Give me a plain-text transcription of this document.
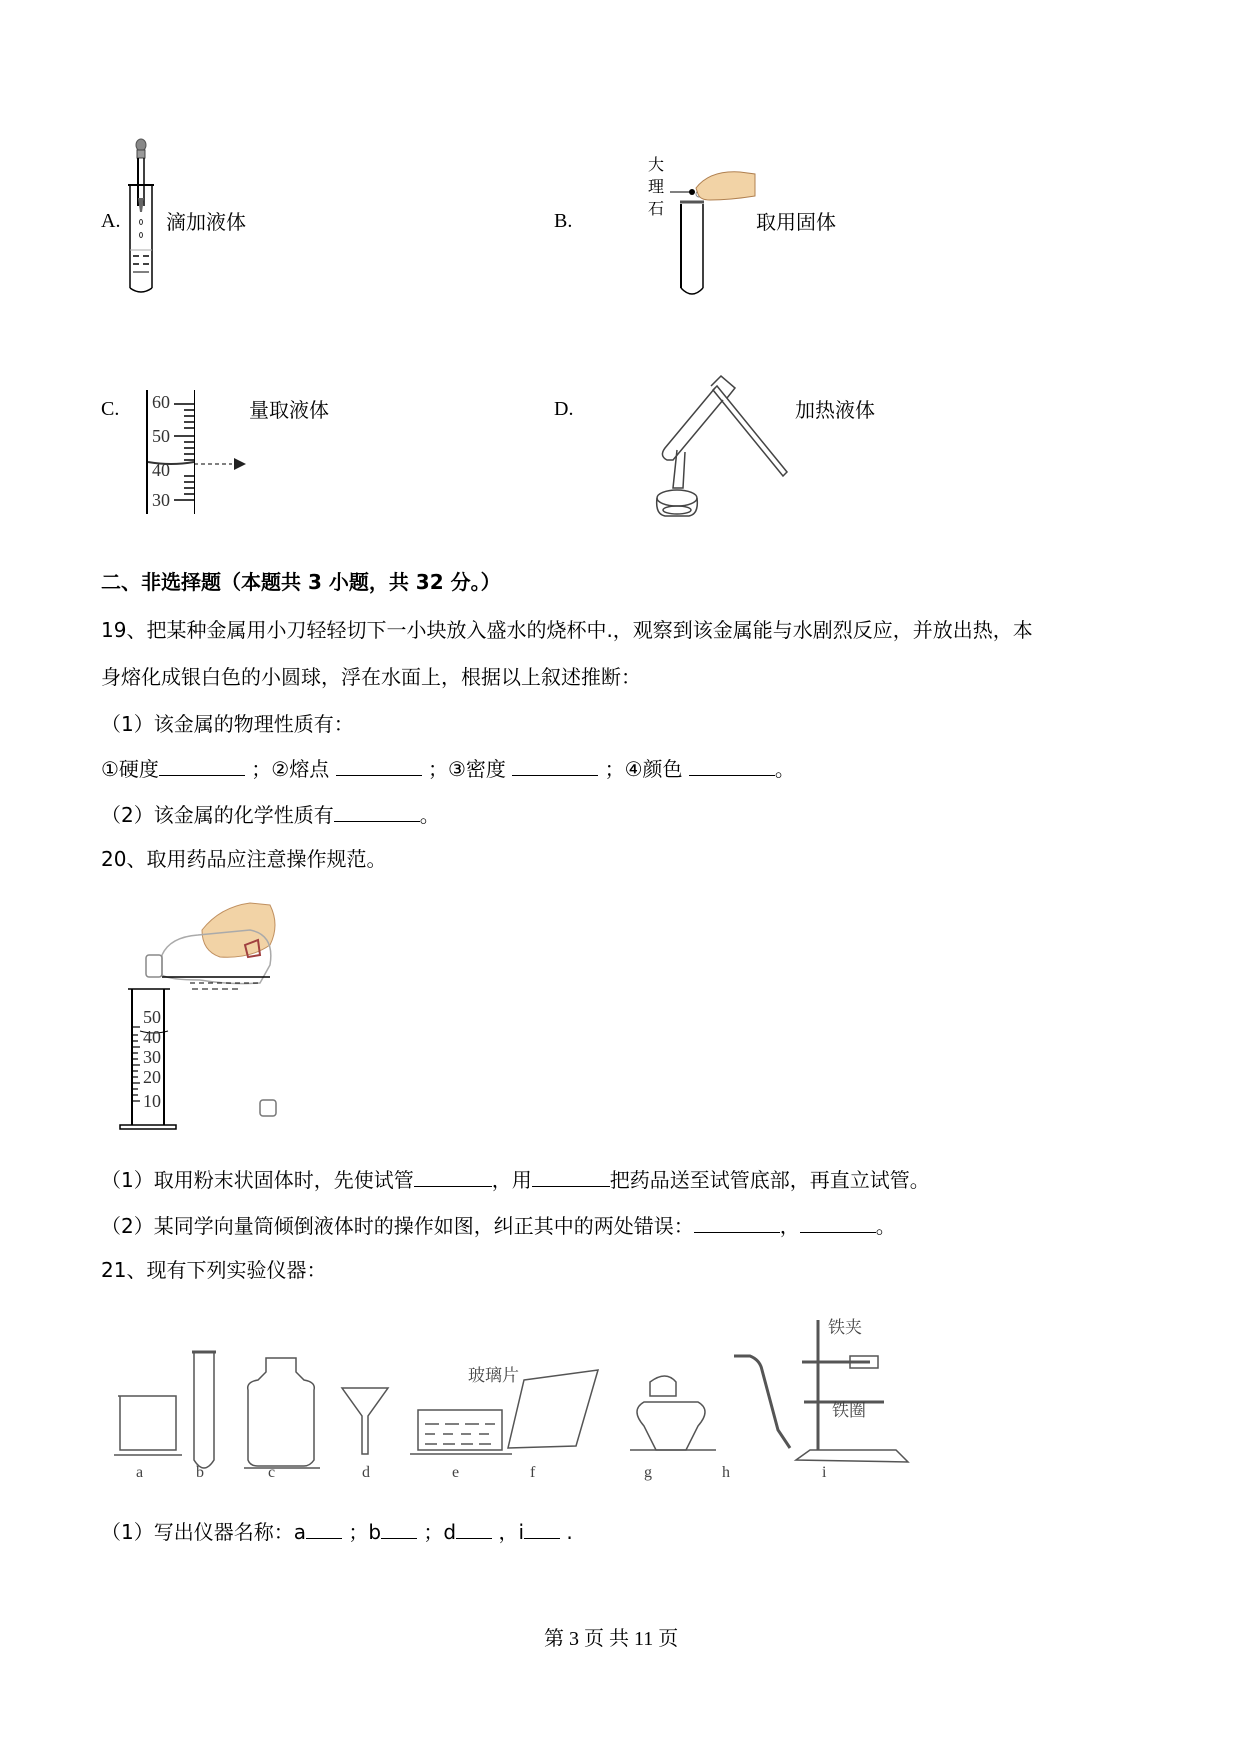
A. 滴加液体	B.
大
理
石
取用固体
C. 60
50
40
30
量取液体	D.	加热液体
二、非选择题（本题共 3 小题，共 32 分。）
19、把某种金属用小刀轻轻切下一小块放入盛水的烧杯中.，观察到该金属能与水剧烈反应，并放出热，本
身熔化成银白色的小圆球，浮在水面上，根据以上叙述推断：
（1）该金属的物理性质有：
①硬度	；②熔点	；③密度	；④颜色	。
（2）该金属的化学性质有	。
20、取用药品应注意操作规范。
50
40
30
20
10
（1）取用粉末状固体时，先使试管	，用	把药品送至试管底部，再直立试管。
（2）某同学向量筒倾倒液体时的操作如图，纠正其中的两处错误：	，	。
21、现有下列实验仪器：
玻璃片
铁夹
铁圈
a	b	c	d	e	f	g	h	i
（1）写出仪器名称：a ；b ；d ，i .
第 3 页 共 11 页
